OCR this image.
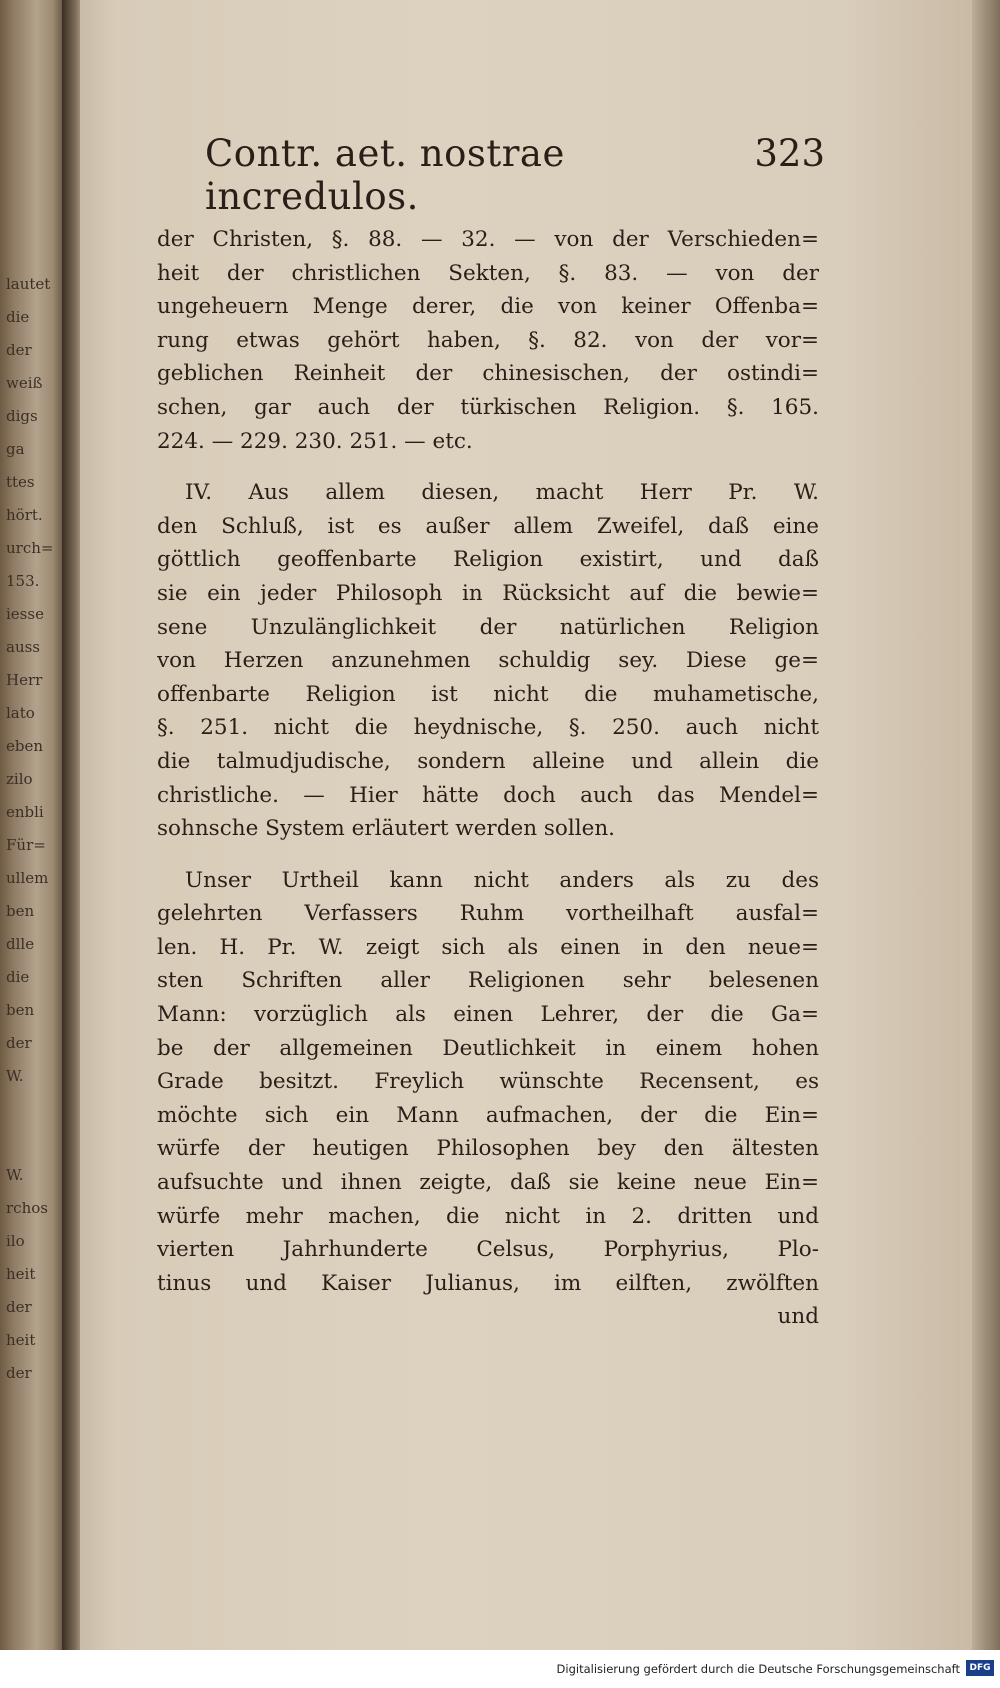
lautet
die
der
weiß
digs
ga
ttes
hört.
urch=
153.
iesse
auss
Herr
lato
eben
zilo
enbli
Für=
ullem
ben
dlle
die
ben
der
W.
W.
rchos
ilo
heit
der
heit
der
Contr. aet. nostrae incredulos.
323
der Christen, §. 88. — 32. — von der Verschieden=
heit der christlichen Sekten, §. 83. — von der
ungeheuern Menge derer, die von keiner Offenba=
rung etwas gehört haben, §. 82. von der vor=
geblichen Reinheit der chinesischen, der ostindi=
schen, gar auch der türkischen Religion. §. 165.
224. — 229. 230. 251. — etc.
IV. Aus allem diesen, macht Herr Pr. W.
den Schluß, ist es außer allem Zweifel, daß eine
göttlich geoffenbarte Religion existirt, und daß
sie ein jeder Philosoph in Rücksicht auf die bewie=
sene Unzulänglichkeit der natürlichen Religion
von Herzen anzunehmen schuldig sey. Diese ge=
offenbarte Religion ist nicht die muhametische,
§. 251. nicht die heydnische, §. 250. auch nicht
die talmudjudische, sondern alleine und allein die
christliche. — Hier hätte doch auch das Mendel=
sohnsche System erläutert werden sollen.
Unser Urtheil kann nicht anders als zu des
gelehrten Verfassers Ruhm vortheilhaft ausfal=
len. H. Pr. W. zeigt sich als einen in den neue=
sten Schriften aller Religionen sehr belesenen
Mann: vorzüglich als einen Lehrer, der die Ga=
be der allgemeinen Deutlichkeit in einem hohen
Grade besitzt. Freylich wünschte Recensent, es
möchte sich ein Mann aufmachen, der die Ein=
würfe der heutigen Philosophen bey den ältesten
aufsuchte und ihnen zeigte, daß sie keine neue Ein=
würfe mehr machen, die nicht in 2. dritten und
vierten Jahrhunderte Celsus, Porphyrius, Plo-
tinus und Kaiser Julianus, im eilften, zwölften
und
Digitalisierung gefördert durch die Deutsche Forschungsgemeinschaft	DFG
